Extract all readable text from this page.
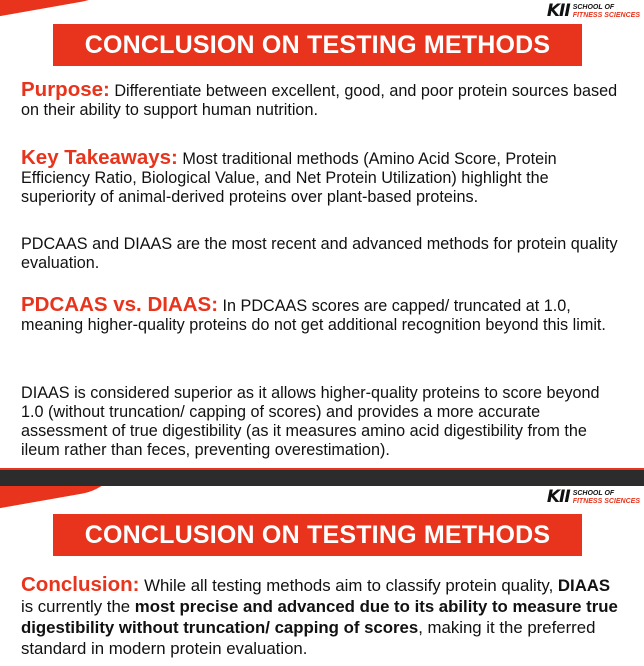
KII SCHOOL OF
FITNESS SCIENCES
CONCLUSION ON TESTING METHODS

Purpose: Differentiate between excellent, good, and poor protein sources based on their ability to support human nutrition.

Key Takeaways: Most traditional methods (Amino Acid Score, Protein Efficiency Ratio, Biological Value, and Net Protein Utilization) highlight the superiority of animal-derived proteins over plant-based proteins.

PDCAAS and DIAAS are the most recent and advanced methods for protein quality evaluation.

PDCAAS vs. DIAAS: In PDCAAS scores are capped/ truncated at 1.0, meaning higher-quality proteins do not get additional recognition beyond this limit.

DIAAS is considered superior as it allows higher-quality proteins to score beyond 1.0 (without truncation/ capping of scores) and provides a more accurate assessment of true digestibility (as it measures amino acid digestibility from the ileum rather than feces, preventing overestimation).

KII SCHOOL OF
FITNESS SCIENCES
CONCLUSION ON TESTING METHODS

Conclusion: While all testing methods aim to classify protein quality, DIAAS is currently the most precise and advanced due to its ability to measure true digestibility without truncation/ capping of scores, making it the preferred standard in modern protein evaluation.
